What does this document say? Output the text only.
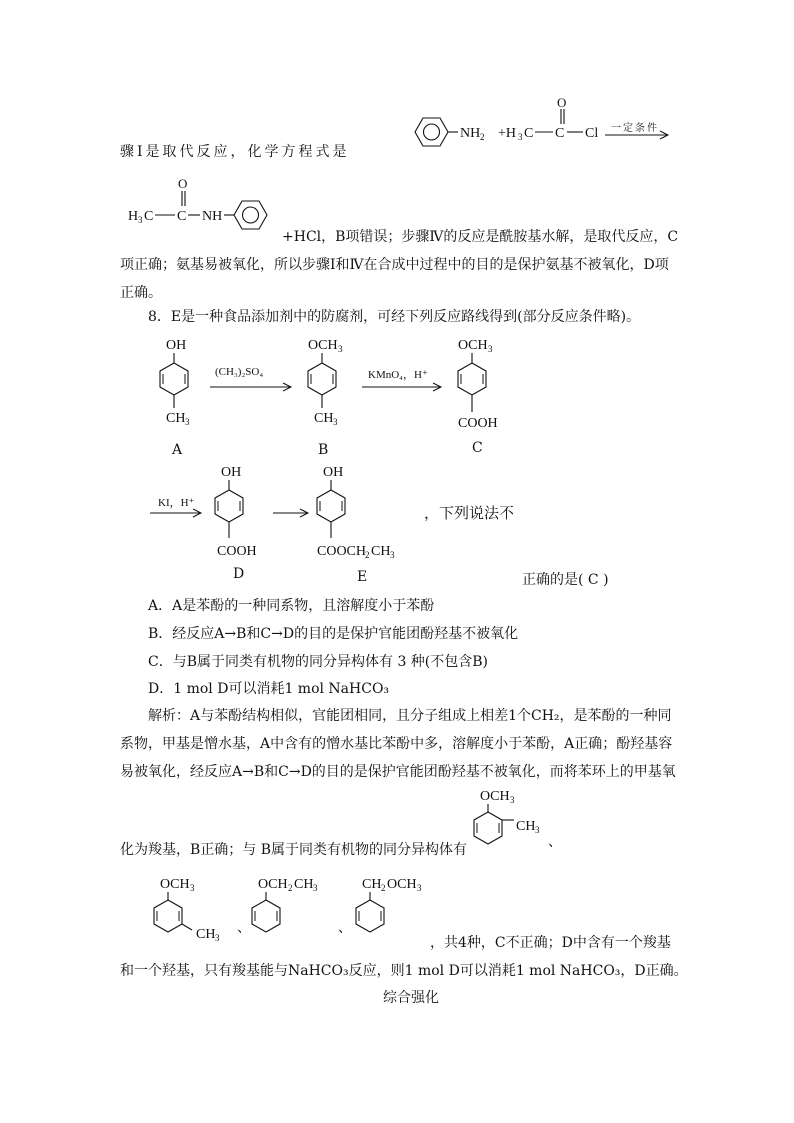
骤Ⅰ是取代反应，化学方程式是
NH 2 +H 3 C C
O
Cl 一定条件
O
H 3 C C NH
+HCl，B项错误；步骤Ⅳ的反应是酰胺基水解，是取代反应，C
项正确；氨基易被氧化，所以步骤Ⅰ和Ⅳ在合成中过程中的目的是保护氨基不被氧化，D项
正确。
8．E是一种食品添加剂中的防腐剂，可经下列反应路线得到(部分反应条件略)。
OH
CH 3
OCH 3
CH 3
OCH 3
COOH
(CH₃)₂SO₄	KMnO₄，H⁺
A	B	C
OH
COOH
OH
COOCH
2 CH 3
KI，H⁺
，下列说法不
D	E	正确的是( C )
A．A是苯酚的一种同系物，且溶解度小于苯酚
B．经反应A→B和C→D的目的是保护官能团酚羟基不被氧化
C．与B属于同类有机物的同分异构体有 3 种(不包含B)
D．1 mol D可以消耗1 mol NaHCO₃
解析：A与苯酚结构相似，官能团相同，且分子组成上相差1个CH₂，是苯酚的一种同
系物，甲基是憎水基，A中含有的憎水基比苯酚中多，溶解度小于苯酚，A正确；酚羟基容
易被氧化，经反应A→B和C→D的目的是保护官能团酚羟基不被氧化，而将苯环上的甲基氧
OCH 3
CH 3
化为羧基，B正确；与 B属于同类有机物的同分异构体有	、
OCH 3
CH 3
OCH 2 CH 3	CH 2 OCH 3
、	、
，共4种，C不正确；D中含有一个羧基
和一个羟基，只有羧基能与NaHCO₃反应，则1 mol D可以消耗1 mol NaHCO₃，D正确。
综合强化
